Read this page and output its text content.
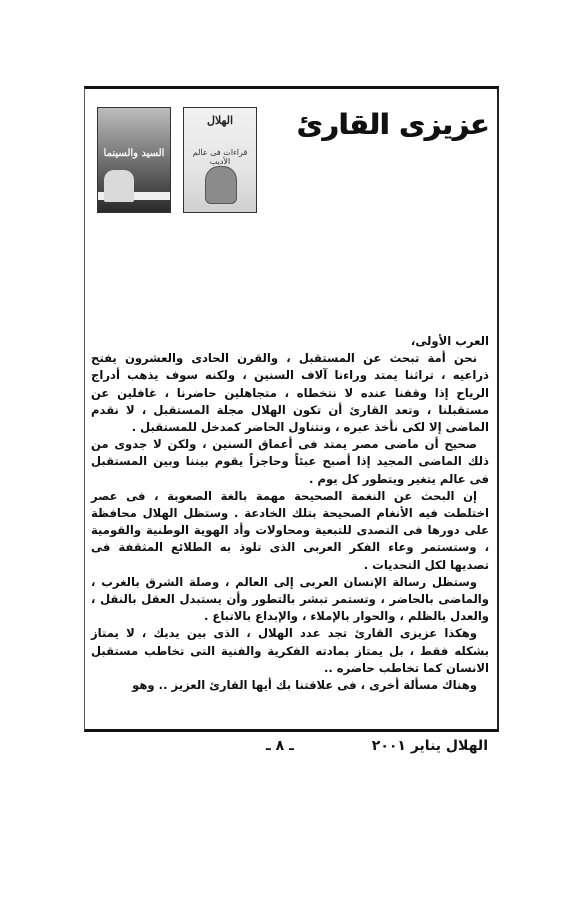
عزيزى القارئ
الهلال
قراءات فى عالم الأديب
السيد والسينما

العرب الأولى،

نحن أمة تبحث عن المستقبل ، والقرن الحادى والعشرون يفتح ذراعيه ، تراثنا يمتد وراءنا آلاف السنين ، ولكنه سوف يذهب أدراج الرياح إذا وقفنا عنده لا نتخطاه ، متجاهلين حاضرنا ، غافلين عن مستقبلنا ، وتعد القارئ أن تكون الهلال مجلة المستقبل ، لا نقدم الماضى إلا لكى نأخذ عبره ، ونتناول الحاضر كمدخل للمستقبل .

صحيح أن ماضى مصر يمتد فى أعماق السنين ، ولكن لا جدوى من ذلك الماضى المجيد إذا أصبح عبئاً وحاجزاً يقوم بيننا وبين المستقبل فى عالم يتغير ويتطور كل يوم .

إن البحث عن النغمة الصحيحة مهمة بالغة الصعوبة ، فى عصر اختلطت فيه الأنغام الصحيحة بتلك الخادعة . وستظل الهلال محافظة على دورها فى التصدى للتبعية ومحاولات وأد الهوية الوطنية والقومية ، وستستمر وعاء الفكر العربى الذى تلوذ به الطلائع المثقفة فى تصديها لكل التحديات .

وستظل رسالة الإنسان العربى إلى العالم ، وصلة الشرق بالغرب ، والماضى بالحاضر ، وتستمر تبشر بالتطور وأن يستبدل العقل بالنقل ، والعدل بالظلم ، والحوار بالإملاء ، والإبداع بالاتباع .

وهكذا عزيزى القارئ تجد عدد الهلال ، الذى بين يديك ، لا يمتاز بشكله فقط ، بل يمتاز بمادته الفكرية والفنية التى تخاطب مستقبل الانسان كما تخاطب حاضره ..

وهناك مسألة أخرى ، فى علاقتنا بك أيها القارئ العزيز .. وهو

الهلال يناير ٢٠٠١
ـ ٨ ـ
